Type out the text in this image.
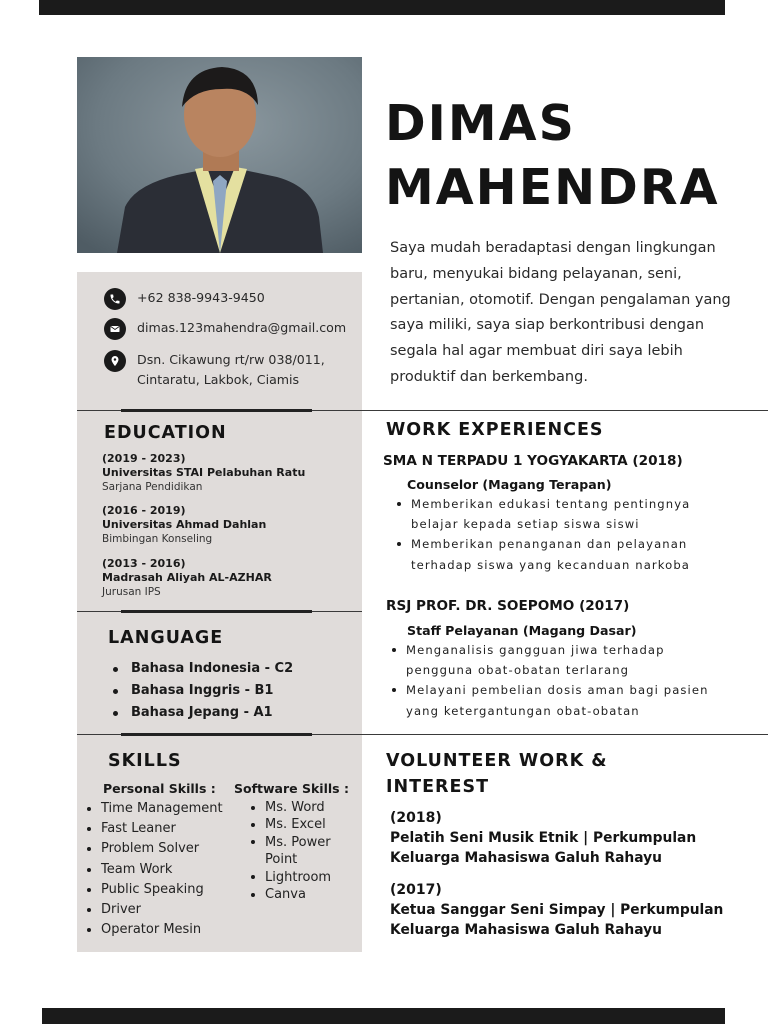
DIMAS
MAHENDRA
Saya mudah beradaptasi dengan lingkungan baru, menyukai bidang pelayanan, seni, pertanian, otomotif. Dengan pengalaman yang saya miliki, saya siap berkontribusi dengan segala hal agar membuat diri saya lebih produktif dan berkembang.
+62 838-9943-9450
dimas.123mahendra@gmail.com
Dsn. Cikawung rt/rw 038/011,
Cintaratu, Lakbok, Ciamis
EDUCATION
(2019 - 2023)
Universitas STAI Pelabuhan Ratu
Sarjana Pendidikan
(2016 - 2019)
Universitas Ahmad Dahlan
Bimbingan Konseling
(2013 - 2016)
Madrasah Aliyah AL-AZHAR
Jurusan IPS
LANGUAGE
Bahasa Indonesia - C2
Bahasa Inggris - B1
Bahasa Jepang - A1
SKILLS
Personal Skills : Software Skills :
Time Management
Fast Leaner
Problem Solver
Team Work
Public Speaking
Driver
Operator Mesin
Ms. Word
Ms. Excel
Ms. Power Point
Lightroom
Canva
WORK EXPERIENCES
SMA N TERPADU 1 YOGYAKARTA (2018)
Counselor (Magang Terapan)
Memberikan edukasi tentang pentingnya belajar kepada setiap siswa siswi
Memberikan penanganan dan pelayanan terhadap siswa yang kecanduan narkoba
RSJ PROF. DR. SOEPOMO (2017)
Staff Pelayanan (Magang Dasar)
Menganalisis gangguan jiwa terhadap pengguna obat-obatan terlarang
Melayani pembelian dosis aman bagi pasien yang ketergantungan obat-obatan
VOLUNTEER WORK &
INTEREST
(2018)
Pelatih Seni Musik Etnik | Perkumpulan
Keluarga Mahasiswa Galuh Rahayu
(2017)
Ketua Sanggar Seni Simpay | Perkumpulan
Keluarga Mahasiswa Galuh Rahayu
